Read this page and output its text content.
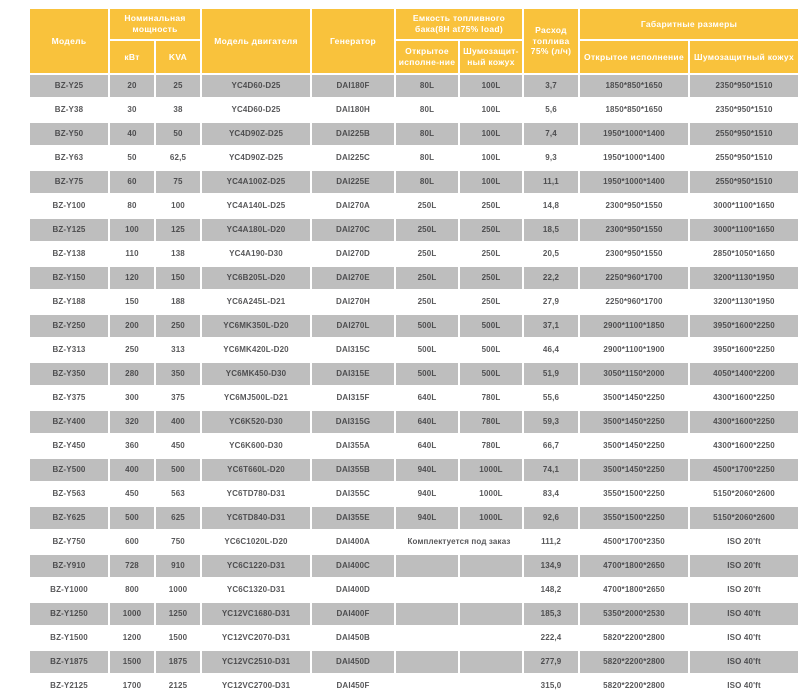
Модель	Номинальная мощность		Модель двигателя	Генератор	Емкость топливного бака(8H at75% load)		Расход топлива 75% (л/ч)	Габаритные размеры	
	кВт	KVA			Открытое исполне-ние	Шумозащит-ный кожух		Открытое исполнение	Шумозащитный кожух
BZ-Y25	20	25	YC4D60-D25	DAI180F	80L	100L	3,7	1850*850*1650	2350*950*1510
BZ-Y38	30	38	YC4D60-D25	DAI180H	80L	100L	5,6	1850*850*1650	2350*950*1510
BZ-Y50	40	50	YC4D90Z-D25	DAI225B	80L	100L	7,4	1950*1000*1400	2550*950*1510
BZ-Y63	50	62,5	YC4D90Z-D25	DAI225C	80L	100L	9,3	1950*1000*1400	2550*950*1510
BZ-Y75	60	75	YC4A100Z-D25	DAI225E	80L	100L	11,1	1950*1000*1400	2550*950*1510
BZ-Y100	80	100	YC4A140L-D25	DAI270A	250L	250L	14,8	2300*950*1550	3000*1100*1650
BZ-Y125	100	125	YC4A180L-D20	DAI270C	250L	250L	18,5	2300*950*1550	3000*1100*1650
BZ-Y138	110	138	YC4A190-D30	DAI270D	250L	250L	20,5	2300*950*1550	2850*1050*1650
BZ-Y150	120	150	YC6B205L-D20	DAI270E	250L	250L	22,2	2250*960*1700	3200*1130*1950
BZ-Y188	150	188	YC6A245L-D21	DAI270H	250L	250L	27,9	2250*960*1700	3200*1130*1950
BZ-Y250	200	250	YC6MK350L-D20	DAI270L	500L	500L	37,1	2900*1100*1850	3950*1600*2250
BZ-Y313	250	313	YC6MK420L-D20	DAI315C	500L	500L	46,4	2900*1100*1900	3950*1600*2250
BZ-Y350	280	350	YC6MK450-D30	DAI315E	500L	500L	51,9	3050*1150*2000	4050*1400*2200
BZ-Y375	300	375	YC6MJ500L-D21	DAI315F	640L	780L	55,6	3500*1450*2250	4300*1600*2250
BZ-Y400	320	400	YC6K520-D30	DAI315G	640L	780L	59,3	3500*1450*2250	4300*1600*2250
BZ-Y450	360	450	YC6K600-D30	DAI355A	640L	780L	66,7	3500*1450*2250	4300*1600*2250
BZ-Y500	400	500	YC6T660L-D20	DAI355B	940L	1000L	74,1	3500*1450*2250	4500*1700*2250
BZ-Y563	450	563	YC6TD780-D31	DAI355C	940L	1000L	83,4	3550*1500*2250	5150*2060*2600
BZ-Y625	500	625	YC6TD840-D31	DAI355E	940L	1000L	92,6	3550*1500*2250	5150*2060*2600
BZ-Y750	600	750	YC6C1020L-D20	DAI400A	Комплектуется под заказ		111,2	4500*1700*2350	ISO 20'ft
BZ-Y910	728	910	YC6C1220-D31	DAI400C			134,9	4700*1800*2650	ISO 20'ft
BZ-Y1000	800	1000	YC6C1320-D31	DAI400D			148,2	4700*1800*2650	ISO 20'ft
BZ-Y1250	1000	1250	YC12VC1680-D31	DAI400F			185,3	5350*2000*2530	ISO 40'ft
BZ-Y1500	1200	1500	YC12VC2070-D31	DAI450B			222,4	5820*2200*2800	ISO 40'ft
BZ-Y1875	1500	1875	YC12VC2510-D31	DAI450D			277,9	5820*2200*2800	ISO 40'ft
BZ-Y2125	1700	2125	YC12VC2700-D31	DAI450F			315,0	5820*2200*2800	ISO 40'ft
